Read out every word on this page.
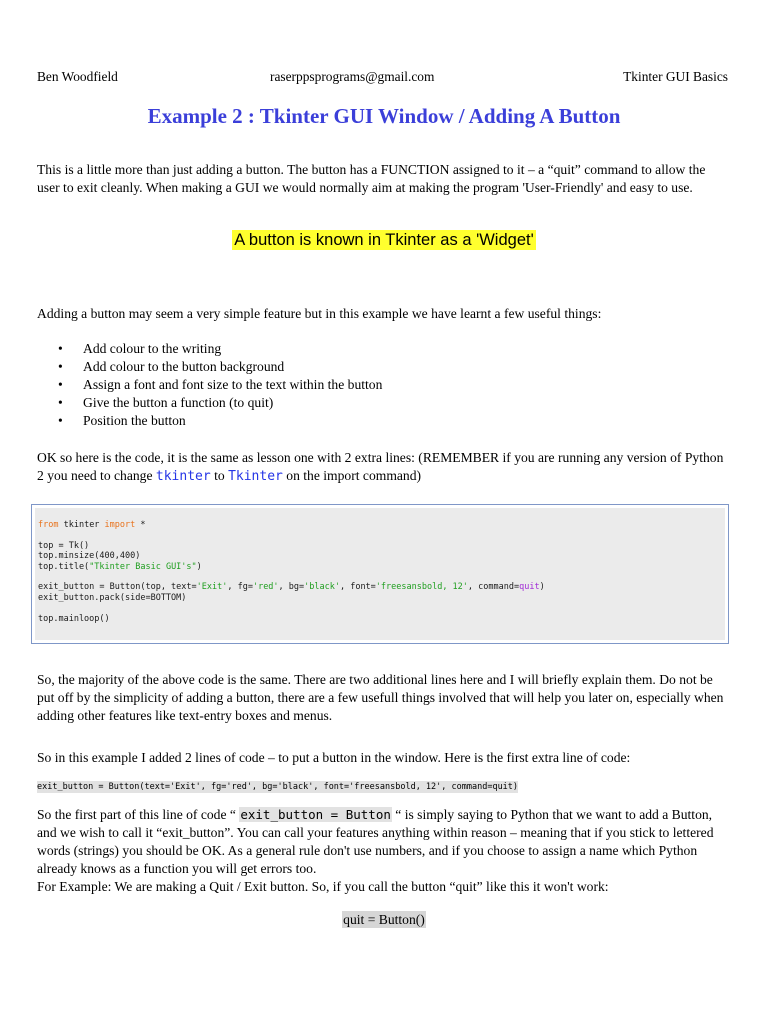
Ben Woodfield	raserppsprograms@gmail.com	Tkinter GUI Basics
Example 2 : Tkinter GUI Window / Adding A Button
This is a little more than just adding a button. The button has a FUNCTION assigned to it – a “quit” command to allow the user to exit cleanly. When making a GUI we would normally aim at making the program 'User-Friendly' and easy to use.
A button is known in Tkinter as a 'Widget'
Adding a button may seem a very simple feature but in this example we have learnt a few useful things:
• Add colour to the writing
• Add colour to the button background
• Assign a font and font size to the text within the button
• Give the button a function (to quit)
• Position the button
OK so here is the code, it is the same as lesson one with 2 extra lines: (REMEMBER if you are running any version of Python 2 you need to change tkinter to Tkinter on the import command)
from tkinter import *
top = Tk()
top.minsize(400,400)
top.title("Tkinter Basic GUI's")
exit_button = Button(top, text='Exit', fg='red', bg='black', font='freesansbold, 12', command=quit)
exit_button.pack(side=BOTTOM)
top.mainloop()
So, the majority of the above code is the same. There are two additional lines here and I will briefly explain them. Do not be put off by the simplicity of adding a button, there are a few usefull things involved that will help you later on, especially when adding other features like text-entry boxes and menus.
So in this example I added 2 lines of code – to put a button in the window. Here is the first extra line of code:
exit_button = Button(text='Exit', fg='red', bg='black', font='freesansbold, 12', command=quit)
So the first part of this line of code “ exit_button = Button “ is simply saying to Python that we want to add a Button, and we wish to call it “exit_button”. You can call your features anything within reason – meaning that if you stick to lettered words (strings) you should be OK. As a general rule don't use numbers, and if you choose to assign a name which Python already knows as a function you will get errors too.
For Example: We are making a Quit / Exit button. So, if you call the button “quit” like this it won't work:
quit = Button()
